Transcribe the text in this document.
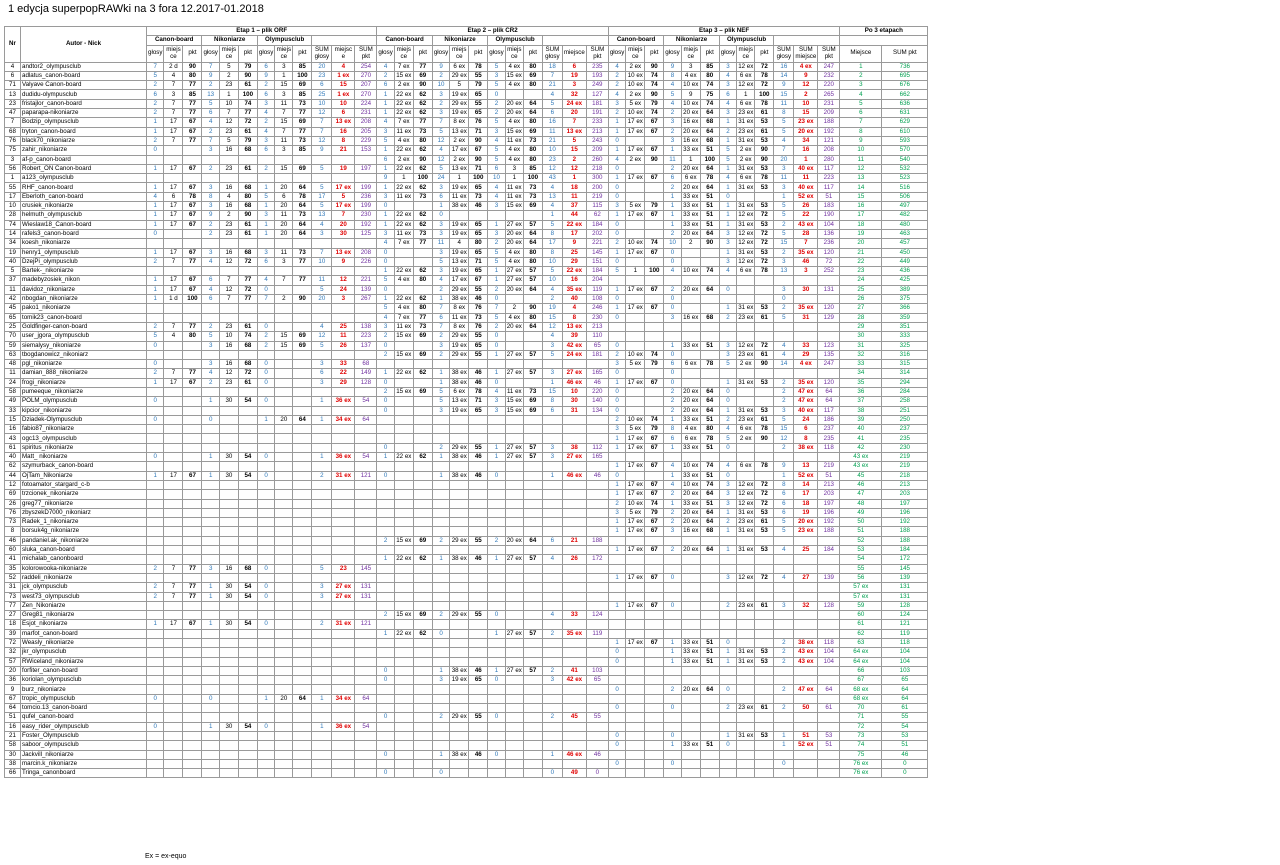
1 edycja superpopRAWki na 3 fora 12.2017-01.2018
Nr	Autor - Nick	Etap 1 – plik ORF												Etap 2 – plik CR2												Etap 3 – plik NEF												Po 3 etapach	
		Canon-board			Nikoniarze			Olympusclub						Canon-board			Nikoniarze			Olympusclub						Canon-board			Nikoniarze			Olympusclub							
		głosy	miejs ce	pkt	głosy	miejs ce	pkt	głosy	miejs ce	pkt	SUM głosy	miejsc e	SUM pkt	głosy	miejs ce	pkt	głosy	miejs ce	pkt	głosy	miejs ce	pkt	SUM głosy	miejsce	SUM pkt	głosy	miejs ce	pkt	głosy	miejs ce	pkt	głosy	miejs ce	pkt	SUM głosy	SUM miejsce	SUM pkt	Miejsce	SUM pkt
4	andtor2_olympusclub	7	2 d	90	7	5	79	6	3	85	20	4	254	4	7 ex	77	9	6 ex	78	5	4 ex	80	18	6	235	4	2 ex	90	9	3	85	3	12 ex	72	16	4 ex	247	1	736
6	adlatus_canon-board	5	4	80	9	2	90	9	1	100	23	1 ex	270	2	15 ex	69	2	29 ex	55	3	15 ex	69	7	19	193	2	10 ex	74	8	4 ex	80	4	6 ex	78	14	9	232	2	695
71	Valyave Canon-board	2	7	77	2	23	61	2	15	69	6	15	207	6	2 ex	90	10	5	79	5	4 ex	80	21	3	249	2	10 ex	74	4	10 ex	74	3	12 ex	72	9	12	220	3	676
13	dudidu-olympusclub	6	3	85	13	1	100	6	3	85	25	1 ex	270	1	22 ex	62	3	19 ex	65	0			4	32	127	4	2 ex	90	5	9	75	6	1	100	15	2	265	4	662
23	fristajlor_canon-board	2	7	77	5	10	74	3	11	73	10	10	224	1	22 ex	62	2	29 ex	55	2	20 ex	64	5	24 ex	181	3	5 ex	79	4	10 ex	74	4	6 ex	78	11	10	231	5	636
47	paparapa-nikoniarze	2	7	77	6	7	77	4	7	77	12	6	231	1	22 ex	62	3	19 ex	65	2	20 ex	64	6	20	191	2	10 ex	74	2	20 ex	64	3	23 ex	61	8	15	209	6	631
7	Bodzip_olympusclub	1	17	67	4	12	72	2	15	69	7	13 ex	208	4	7 ex	77	7	8 ex	76	5	4 ex	80	16	7	233	1	17 ex	67	3	16 ex	68	1	31 ex	53	5	23 ex	188	7	629
68	tryton_canon-board	1	17	67	2	23	61	4	7	77	7	16	205	3	11 ex	73	5	13 ex	71	3	15 ex	69	11	13 ex	213	1	17 ex	67	2	20 ex	64	2	23 ex	61	5	20 ex	192	8	610
76	black70_nikoniarze	2	7	77	7	5	79	3	11	73	12	8	229	5	4 ex	80	12	2 ex	90	4	11 ex	73	21	5	243	0			3	16 ex	68	1	31 ex	53	4	34	121	9	593
75	zahir_nikoniarze	0			3	16	68	6	3	85	9	21	153	1	22 ex	62	4	17 ex	67	5	4 ex	80	10	15	209	1	17 ex	67	1	33 ex	51	5	2 ex	90	7	16	208	10	570
3	af-p_canon-board													6	2 ex	90	12	2 ex	90	5	4 ex	80	23	2	260	4	2 ex	90	11	1	100	5	2 ex	90	20	1	280	11	540
56	Robert_ON Canon-board	1	17	67	2	23	61	2	15	69	5	19	197	1	22 ex	62	5	13 ex	71	6	3	85	12	12	218	0			2	20 ex	64	1	31 ex	53	3	40 ex	117	12	532
1	a123_olympusclub													9	1	100	24	1	100	10	1	100	43	1	300	1	17 ex	67	6	6 ex	78	4	6 ex	78	11	11	223	13	523
55	RHF_canon-board	1	17	67	3	16	68	1	20	64	5	17 ex	199	1	22 ex	62	3	19 ex	65	4	11 ex	73	4	18	200	0			2	20 ex	64	1	31 ex	53	3	40 ex	117	14	516
17	Eberloth_canon-board	4	6	78	8	4	80	5	6	78	17	5	236	3	11 ex	73	6	11 ex	73	4	11 ex	73	13	11	219	0			1	33 ex	51	0			1	52 ex	51	15	506
10	crusiek_nikoniarze	1	17	67	3	16	68	1	20	64	5	17 ex	199	0			1	38 ex	46	3	15 ex	69	4	37	115	3	5 ex	79	1	33 ex	51	1	31 ex	53	5	26	183	16	497
28	helmuth_olympusclub	1	17	67	9	2	90	3	11	73	13	7	230	1	22 ex	62	0						1	44	62	1	17 ex	67	1	33 ex	51	1	12 ex	72	5	22	190	17	482
74	Wieslaw18_Canon-board	1	17	67	2	23	61	1	20	64	4	20	192	1	22 ex	62	3	19 ex	65	1	27 ex	57	5	22 ex	184	0			1	33 ex	51	1	31 ex	53	2	43 ex	104	18	480
14	rafels3_canon-board	0			2	23	61	1	20	64	3	30	125	3	11 ex	73	3	19 ex	65	3	20 ex	64	8	17	202	0			2	20 ex	64	3	12 ex	72	5	28	136	19	463
34	koesh_nikoniarze													4	7 ex	77	11	4	80	2	20 ex	64	17	9	221	2	10 ex	74	10	2	90	3	12 ex	72	15	7	236	20	457
19	henry1_olympusclub	1	17	67	3	16	68	3	11	73	7	13 ex	208	0			3	19 ex	65	5	4 ex	80	8	25	145	1	17 ex	67	0			1	31 ex	53	2	35 ex	120	21	450
40	DzejPi_olympusclub	2	7	77	4	12	72	6	3	77	10	9	226	0			5	13 ex	71	5	4 ex	80	10	29	151	0			0			3	12 ex	72	3	46	72	22	449
5	Bartek-_nikoniarze													1	22 ex	62	3	19 ex	65	1	27 ex	57	5	22 ex	184	5	1	100	4	10 ex	74	4	6 ex	78	13	3	252	23	436
37	madebyzosiek_nikon	1	17	67	6	7	77	4	7	77	11	12	221	5	4 ex	80	4	17 ex	67	1	27 ex	57	10	16	204													24	425
11	davidoz_nikoniarze	1	17	67	4	12	72	0			5	24	139	0			2	29 ex	55	2	20 ex	64	4	35 ex	119	1	17 ex	67	2	20 ex	64	0			3	30	131	25	389
42	nbogdan_nikoniarze	1	1 d	100	6	7	77	7	2	90	20	3	267	1	22 ex	62	1	38 ex	46	0			2	40	108	0			0						0			26	375
45	pako1_nikoniarze													5	4 ex	80	7	8 ex	76	7	2	90	19	4	246	1	17 ex	67	0			1	31 ex	53	2	35 ex	120	27	366
65	tomik23_canon-board													4	7 ex	77	6	11 ex	73	5	4 ex	80	15	8	230	0			3	16 ex	68	2	23 ex	61	5	31	129	28	359
25	Goldfinger-canon-board	2	7	77	2	23	61	0			4	25	138	3	11 ex	73	7	8 ex	76	2	20 ex	64	12	13 ex	213													29	351
70	user_jgora_olympusclub	5	4	80	5	10	74	2	15	69	12	11	223	2	15 ex	69	2	29 ex	55	0			4	39	110													30	333
59	siemalysy_nikoniarze	0			3	16	68	2	15	69	5	26	137	0			3	19 ex	65	0			3	42 ex	65	0			1	33 ex	51	3	12 ex	72	4	33	123	31	325
63	tbogdanowicz_nikoniarz													2	15 ex	69	2	29 ex	55	1	27 ex	57	5	24 ex	181	2	10 ex	74	0			3	23 ex	61	4	29	135	32	316
48	pgl_nikoniarze	0			3	16	68	0			3	33	68													3	5 ex	79	6	6 ex	78	5	2 ex	90	14	4 ex	247	33	315
11	damian_888_nikoniarze	2	7	77	4	12	72	0			6	22	149	1	22 ex	62	1	38 ex	46	1	27 ex	57	3	27 ex	165	0			0									34	314
24	frogi_nikoniarze	1	17	67	2	23	61	0			3	29	128	0			1	38 ex	46	0			1	46 ex	46	1	17 ex	67	0			1	31 ex	53	2	35 ex	120	35	294
58	pumeeque_nikoniarze													2	15 ex	69	5	6 ex	78	4	11 ex	73	15	10	220	0			2	20 ex	64	0			2	47 ex	64	36	284
49	POLM_olympusclub	0			1	30	54	0			1	36 ex	54	0			5	13 ex	71	3	15 ex	69	8	30	140	0			2	20 ex	64	0			2	47 ex	64	37	258
33	kipcior_nikoniarze													0			3	19 ex	65	3	15 ex	69	6	31	134	0			2	20 ex	64	1	31 ex	53	3	40 ex	117	38	251
15	Dziadek-Olympusclub	0			0			1	20	64	1	34 ex	64													2	10 ex	74	1	33 ex	51	2	23 ex	61	5	24	186	39	250
16	fabio87_nikoniarze																									3	5 ex	79	8	4 ex	80	4	6 ex	78	15	6	237	40	237
43	ogc13_olympusclub																									1	17 ex	67	6	6 ex	78	5	2 ex	90	12	8	235	41	235
61	spiritus_nikoniarze													0			2	29 ex	55	1	27 ex	57	3	38	112	1	17 ex	67	1	33 ex	51	0			2	38 ex	118	42	230
40	Matt_ nikoniarze	0			1	30	54	0			1	36 ex	54	1	22 ex	62	1	38 ex	46	1	27 ex	57	3	27 ex	165													43 ex	219
62	szymurback_canon-board																									1	17 ex	67	4	10 ex	74	4	6 ex	78	9	13	219	43 ex	219
44	OjTam_Nikoniarze	1	17	67	1	30	54	0			2	31 ex	121	0			1	38 ex	46	0			1	46 ex	46	0			1	33 ex	51	0			1	52 ex	51	45	218
12	fotoamator_stargard_c-b																									1	17 ex	67	4	10 ex	74	3	12 ex	72	8	14	213	46	213
69	trzcionek_nikoniarze																									1	17 ex	67	2	20 ex	64	3	12 ex	72	6	17	203	47	203
26	greg77_nikoniarze																									2	10 ex	74	1	33 ex	51	3	12 ex	72	6	18	197	48	197
76	zbyszekD7000_nikoniarz																									3	5 ex	79	2	20 ex	64	1	31 ex	53	6	19	196	49	196
73	Radek_1_nikoniarze																									1	17 ex	67	2	20 ex	64	2	23 ex	61	5	20 ex	192	50	192
8	borsuk4g_nikoniarze																									1	17 ex	67	3	16 ex	68	1	31 ex	53	5	23 ex	188	51	188
46	pandaniel.ak_nikoniarze													2	15 ex	69	2	29 ex	55	2	20 ex	64	6	21	188													52	188
60	sluka_canon-board																									1	17 ex	67	2	20 ex	64	1	31 ex	53	4	25	184	53	184
41	michalab_canonboard													1	22 ex	62	1	38 ex	46	1	27 ex	57	4	26	172													54	172
35	kolorowooka-nikoniarze	2	7	77	3	16	68	0			5	23	145																									55	145
52	raddeli_nikoniarze																									1	17 ex	67	0			3	12 ex	72	4	27	139	56	139
31	jck_olympusclub	2	7	77	1	30	54	0			3	27 ex	131																									57 ex	131
73	west73_olympusclub	2	7	77	1	30	54	0			3	27 ex	131																									57 ex	131
77	Zen_Nikoniarze																									1	17 ex	67	0			2	23 ex	61	3	32	128	59	128
27	Greg81_nikoniarze													2	15 ex	69	2	29 ex	55	0			4	33	124													60	124
18	Esjot_nikoniarze	1	17	67	1	30	54	0			2	31 ex	121																									61	121
39	marfot_canon-board													1	22 ex	62	0			1	27 ex	57	2	35 ex	119													62	119
72	Weasly_nikoniarze																									1	17 ex	67	1	33 ex	51	0			2	38 ex	118	63	118
32	jkr_olympusclub																									0			1	33 ex	51	1	31 ex	53	2	43 ex	104	64 ex	104
57	RWiceland_nikoniarze																									0			1	33 ex	51	1	31 ex	53	2	43 ex	104	64 ex	104
20	forfiter_canon-board													0			1	38 ex	46	1	27 ex	57	2	41	103													66	103
36	koriolan_olympusclub													0			3	19 ex	65	0			3	42 ex	65													67	65
9	burz_nikoniarze																									0			2	20 ex	64	0			2	47 ex	64	68 ex	64
67	tropic_olympusclub	0			0			1	20	64	1	34 ex	64																									68 ex	64
64	tomcio.13_canon-board																									0			0			2	23 ex	61	2	50	61	70	61
51	qufel_canon-board													0			2	29 ex	55	0			2	45	55													71	55
16	easy_rider_olympusclub	0			1	30	54	0			1	36 ex	54																									72	54
21	Foster_Olympusclub																									0			0			1	31 ex	53	1	51	53	73	53
58	saboor_olympusclub																									0			1	33 ex	51	0			1	52 ex	51	74	51
30	Jackvill_nikoniarze													0			1	38 ex	46	0			1	46 ex	46													75	46
38	marcin.k_nikoniarze																									0			0						0			76 ex	0
66	Tringa_canonboard													0			0						0	49	0													76 ex	0
Ex = ex-equo
